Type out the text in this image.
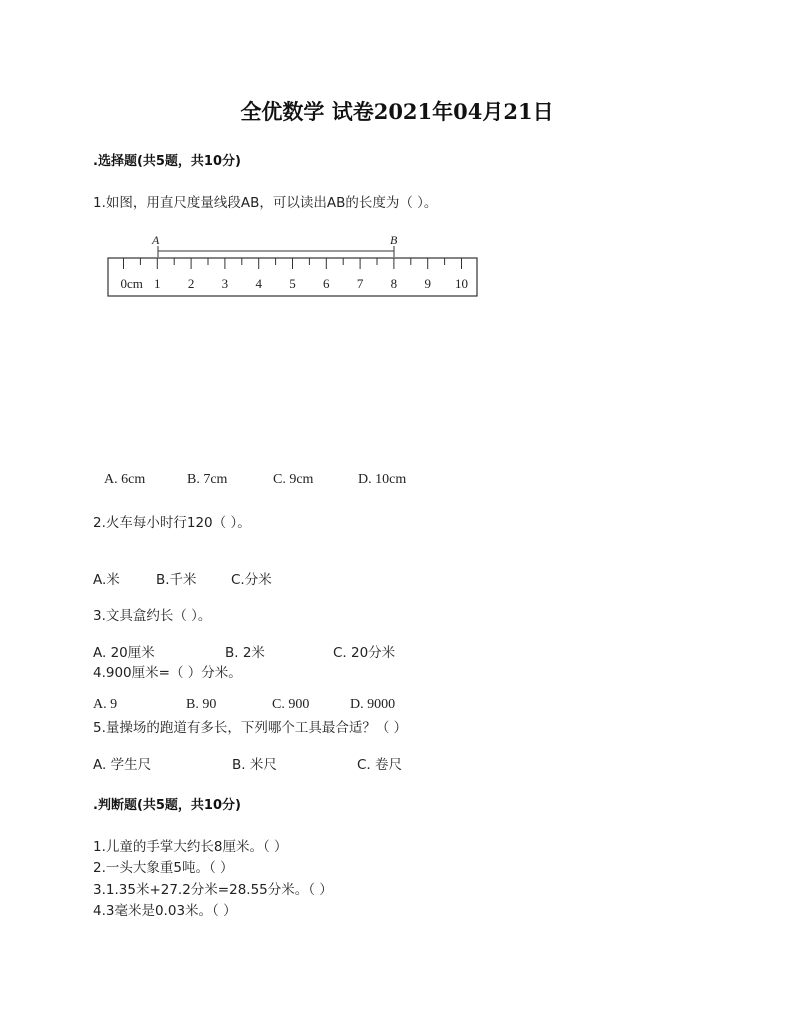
全优数学 试卷2021年04月21日
.选择题(共5题，共10分)
1.如图，用直尺度量线段AB，可以读出AB的长度为（ ）。
A	B
0cm 1 2 3 4 5 6 7 8 9 10
A. 6cm	B. 7cm	C. 9cm	D. 10cm
2.火车每小时行120（ ）。
A.米	B.千米	C.分米
3.文具盒约长（ ）。
A. 20厘米	B. 2米	C. 20分米
4.900厘米=（ ）分米。
A. 9	B. 90	C. 900	D. 9000
5.量操场的跑道有多长，下列哪个工具最合适？（ ）
A. 学生尺	B. 米尺	C. 卷尺
.判断题(共5题，共10分)
1.儿童的手掌大约长8厘米。（ ）
2.一头大象重5吨。（ ）
3.1.35米+27.2分米=28.55分米。（ ）
4.3毫米是0.03米。（ ）
